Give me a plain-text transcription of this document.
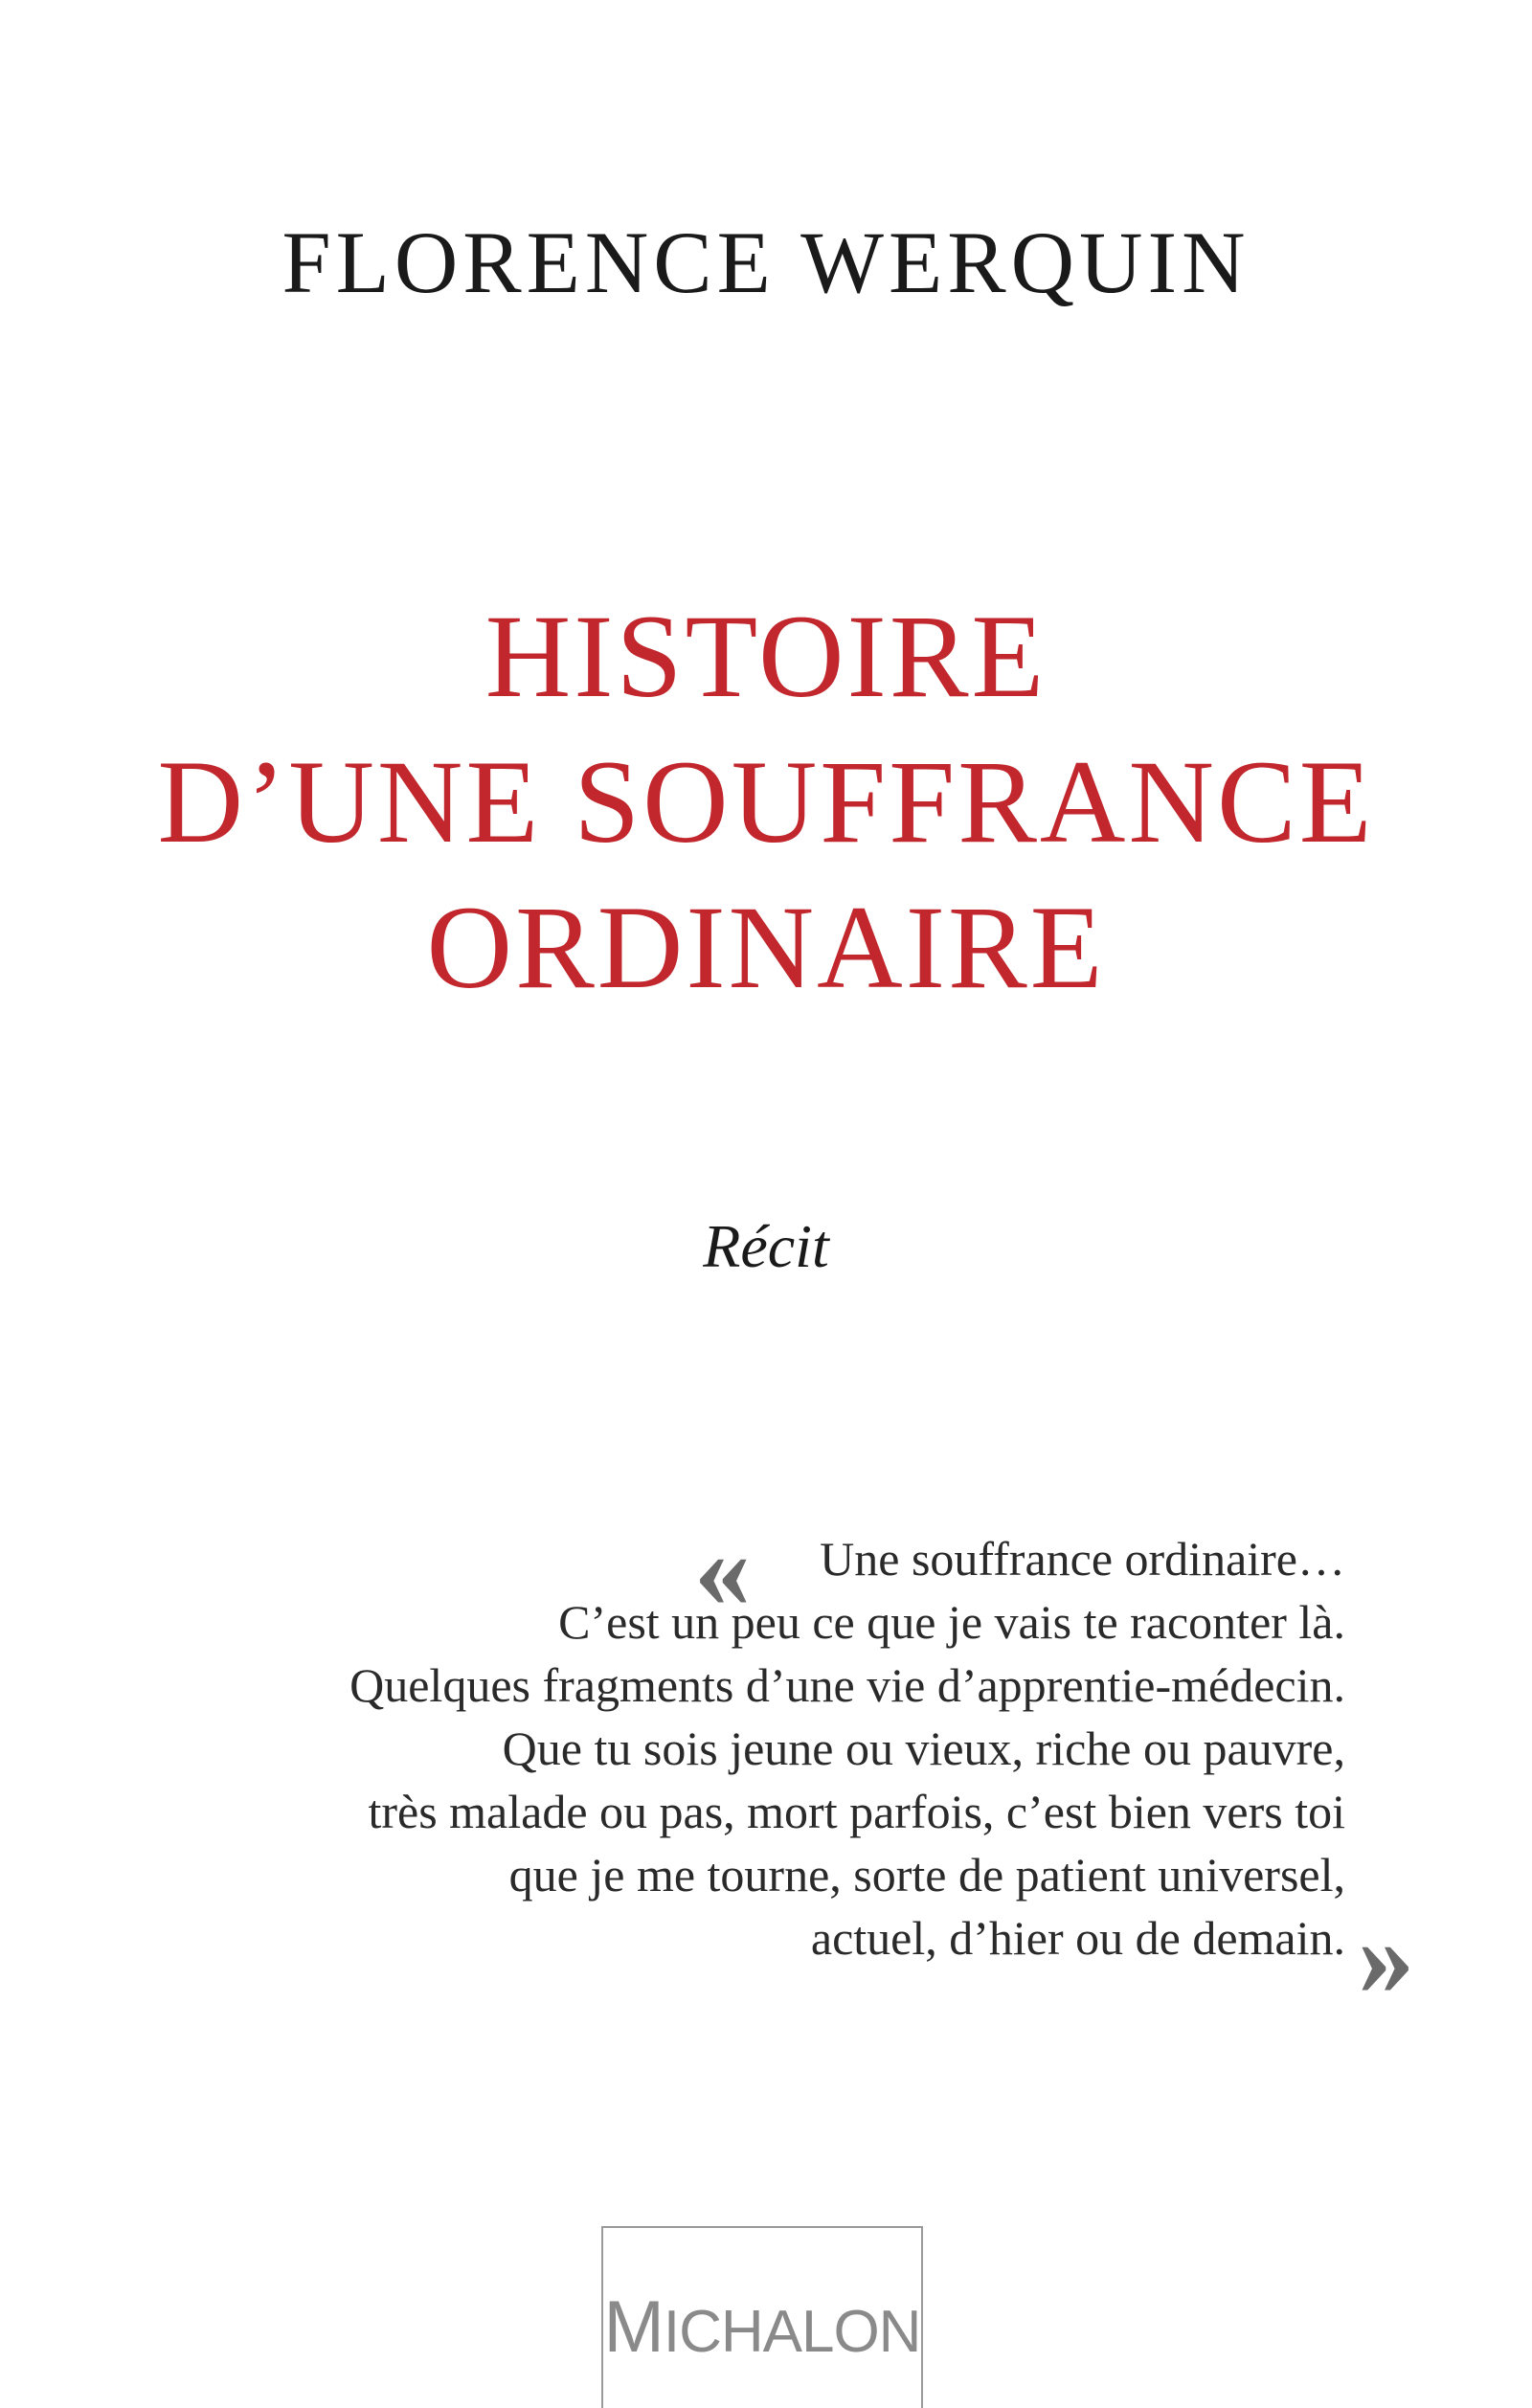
FLORENCE WERQUIN
HISTOIRE
D’UNE SOUFFRANCE
ORDINAIRE
Récit
«	Une souffrance ordinaire…
C’est un peu ce que je vais te raconter là.
Quelques fragments d’une vie d’apprentie-médecin.
Que tu sois jeune ou vieux, riche ou pauvre,
très malade ou pas, mort parfois, c’est bien vers toi
que je me tourne, sorte de patient universel,
actuel, d’hier ou de demain. »
MICHALON
